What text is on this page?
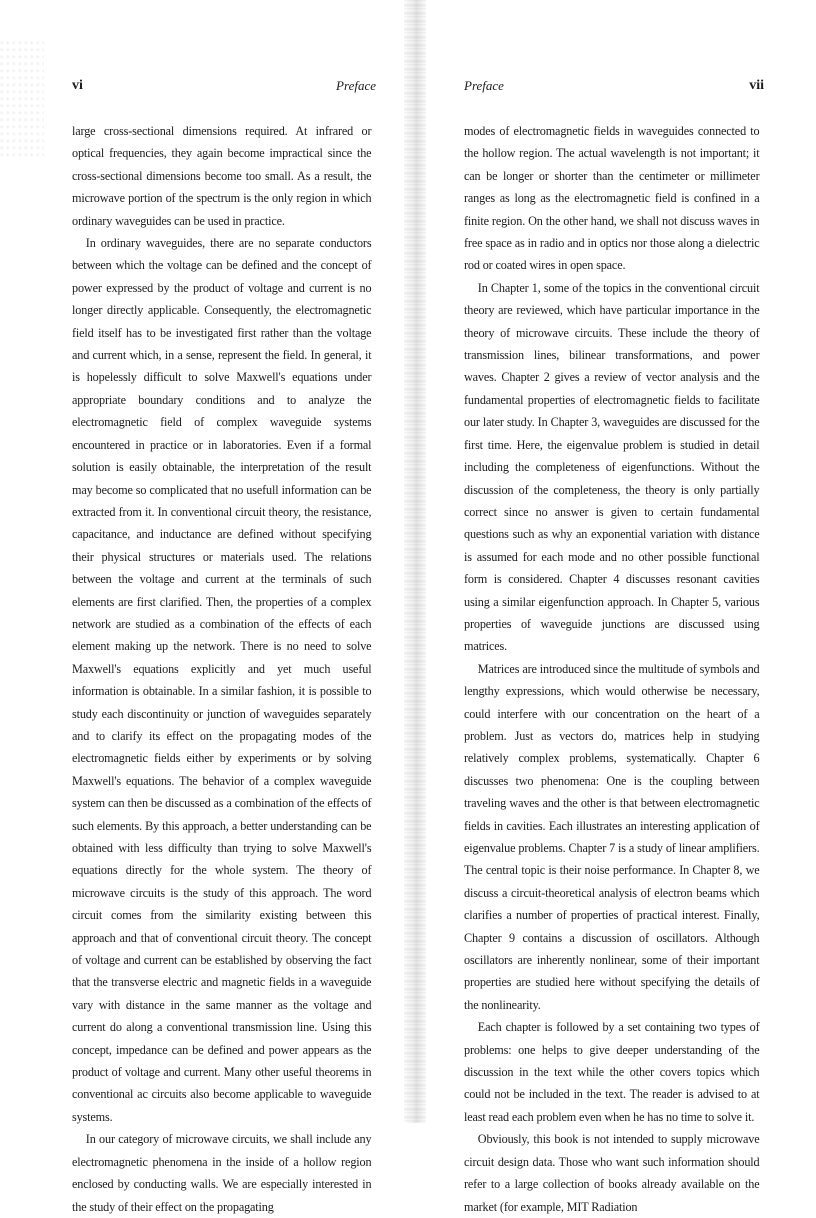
vi	Preface

large cross-sectional dimensions required. At infrared or optical frequencies, they again become impractical since the cross-sectional dimensions become too small. As a result, the microwave portion of the spectrum is the only region in which ordinary waveguides can be used in practice.

In ordinary waveguides, there are no separate conductors between which the voltage can be defined and the concept of power expressed by the product of voltage and current is no longer directly applicable. Consequently, the electromagnetic field itself has to be investigated first rather than the voltage and current which, in a sense, represent the field. In general, it is hopelessly difficult to solve Maxwell's equations under appropriate boundary conditions and to analyze the electromagnetic field of complex waveguide systems encountered in practice or in laboratories. Even if a formal solution is easily obtainable, the interpretation of the result may become so complicated that no usefull information can be extracted from it. In conventional circuit theory, the resistance, capacitance, and inductance are defined without specifying their physical structures or materials used. The relations between the voltage and current at the terminals of such elements are first clarified. Then, the properties of a complex network are studied as a combination of the effects of each element making up the network. There is no need to solve Maxwell's equations explicitly and yet much useful information is obtainable. In a similar fashion, it is possible to study each discontinuity or junction of waveguides separately and to clarify its effect on the propagating modes of the electromagnetic fields either by experiments or by solving Maxwell's equations. The behavior of a complex waveguide system can then be discussed as a combination of the effects of such elements. By this approach, a better understanding can be obtained with less difficulty than trying to solve Maxwell's equations directly for the whole system. The theory of microwave circuits is the study of this approach. The word circuit comes from the similarity existing between this approach and that of conventional circuit theory. The concept of voltage and current can be established by observing the fact that the transverse electric and magnetic fields in a waveguide vary with distance in the same manner as the voltage and current do along a conventional transmission line. Using this concept, impedance can be defined and power appears as the product of voltage and current. Many other useful theorems in conventional ac circuits also become applicable to waveguide systems.

In our category of microwave circuits, we shall include any electromagnetic phenomena in the inside of a hollow region enclosed by conducting walls. We are especially interested in the study of their effect on the propagating

Preface	vii

modes of electromagnetic fields in waveguides connected to the hollow region. The actual wavelength is not important; it can be longer or shorter than the centimeter or millimeter ranges as long as the electromagnetic field is confined in a finite region. On the other hand, we shall not discuss waves in free space as in radio and in optics nor those along a dielectric rod or coated wires in open space.

In Chapter 1, some of the topics in the conventional circuit theory are reviewed, which have particular importance in the theory of microwave circuits. These include the theory of transmission lines, bilinear transformations, and power waves. Chapter 2 gives a review of vector analysis and the fundamental properties of electromagnetic fields to facilitate our later study. In Chapter 3, waveguides are discussed for the first time. Here, the eigenvalue problem is studied in detail including the completeness of eigenfunctions. Without the discussion of the completeness, the theory is only partially correct since no answer is given to certain fundamental questions such as why an exponential variation with distance is assumed for each mode and no other possible functional form is considered. Chapter 4 discusses resonant cavities using a similar eigenfunction approach. In Chapter 5, various properties of waveguide junctions are discussed using matrices.

Matrices are introduced since the multitude of symbols and lengthy expressions, which would otherwise be necessary, could interfere with our concentration on the heart of a problem. Just as vectors do, matrices help in studying relatively complex problems, systematically. Chapter 6 discusses two phenomena: One is the coupling between traveling waves and the other is that between electromagnetic fields in cavities. Each illustrates an interesting application of eigenvalue problems. Chapter 7 is a study of linear amplifiers. The central topic is their noise performance. In Chapter 8, we discuss a circuit-theoretical analysis of electron beams which clarifies a number of properties of practical interest. Finally, Chapter 9 contains a discussion of oscillators. Although oscillators are inherently nonlinear, some of their important properties are studied here without specifying the details of the nonlinearity.

Each chapter is followed by a set containing two types of problems: one helps to give deeper understanding of the discussion in the text while the other covers topics which could not be included in the text. The reader is advised to at least read each problem even when he has no time to solve it.

Obviously, this book is not intended to supply microwave circuit design data. Those who want such information should refer to a large collection of books already available on the market (for example, MIT Radiation
